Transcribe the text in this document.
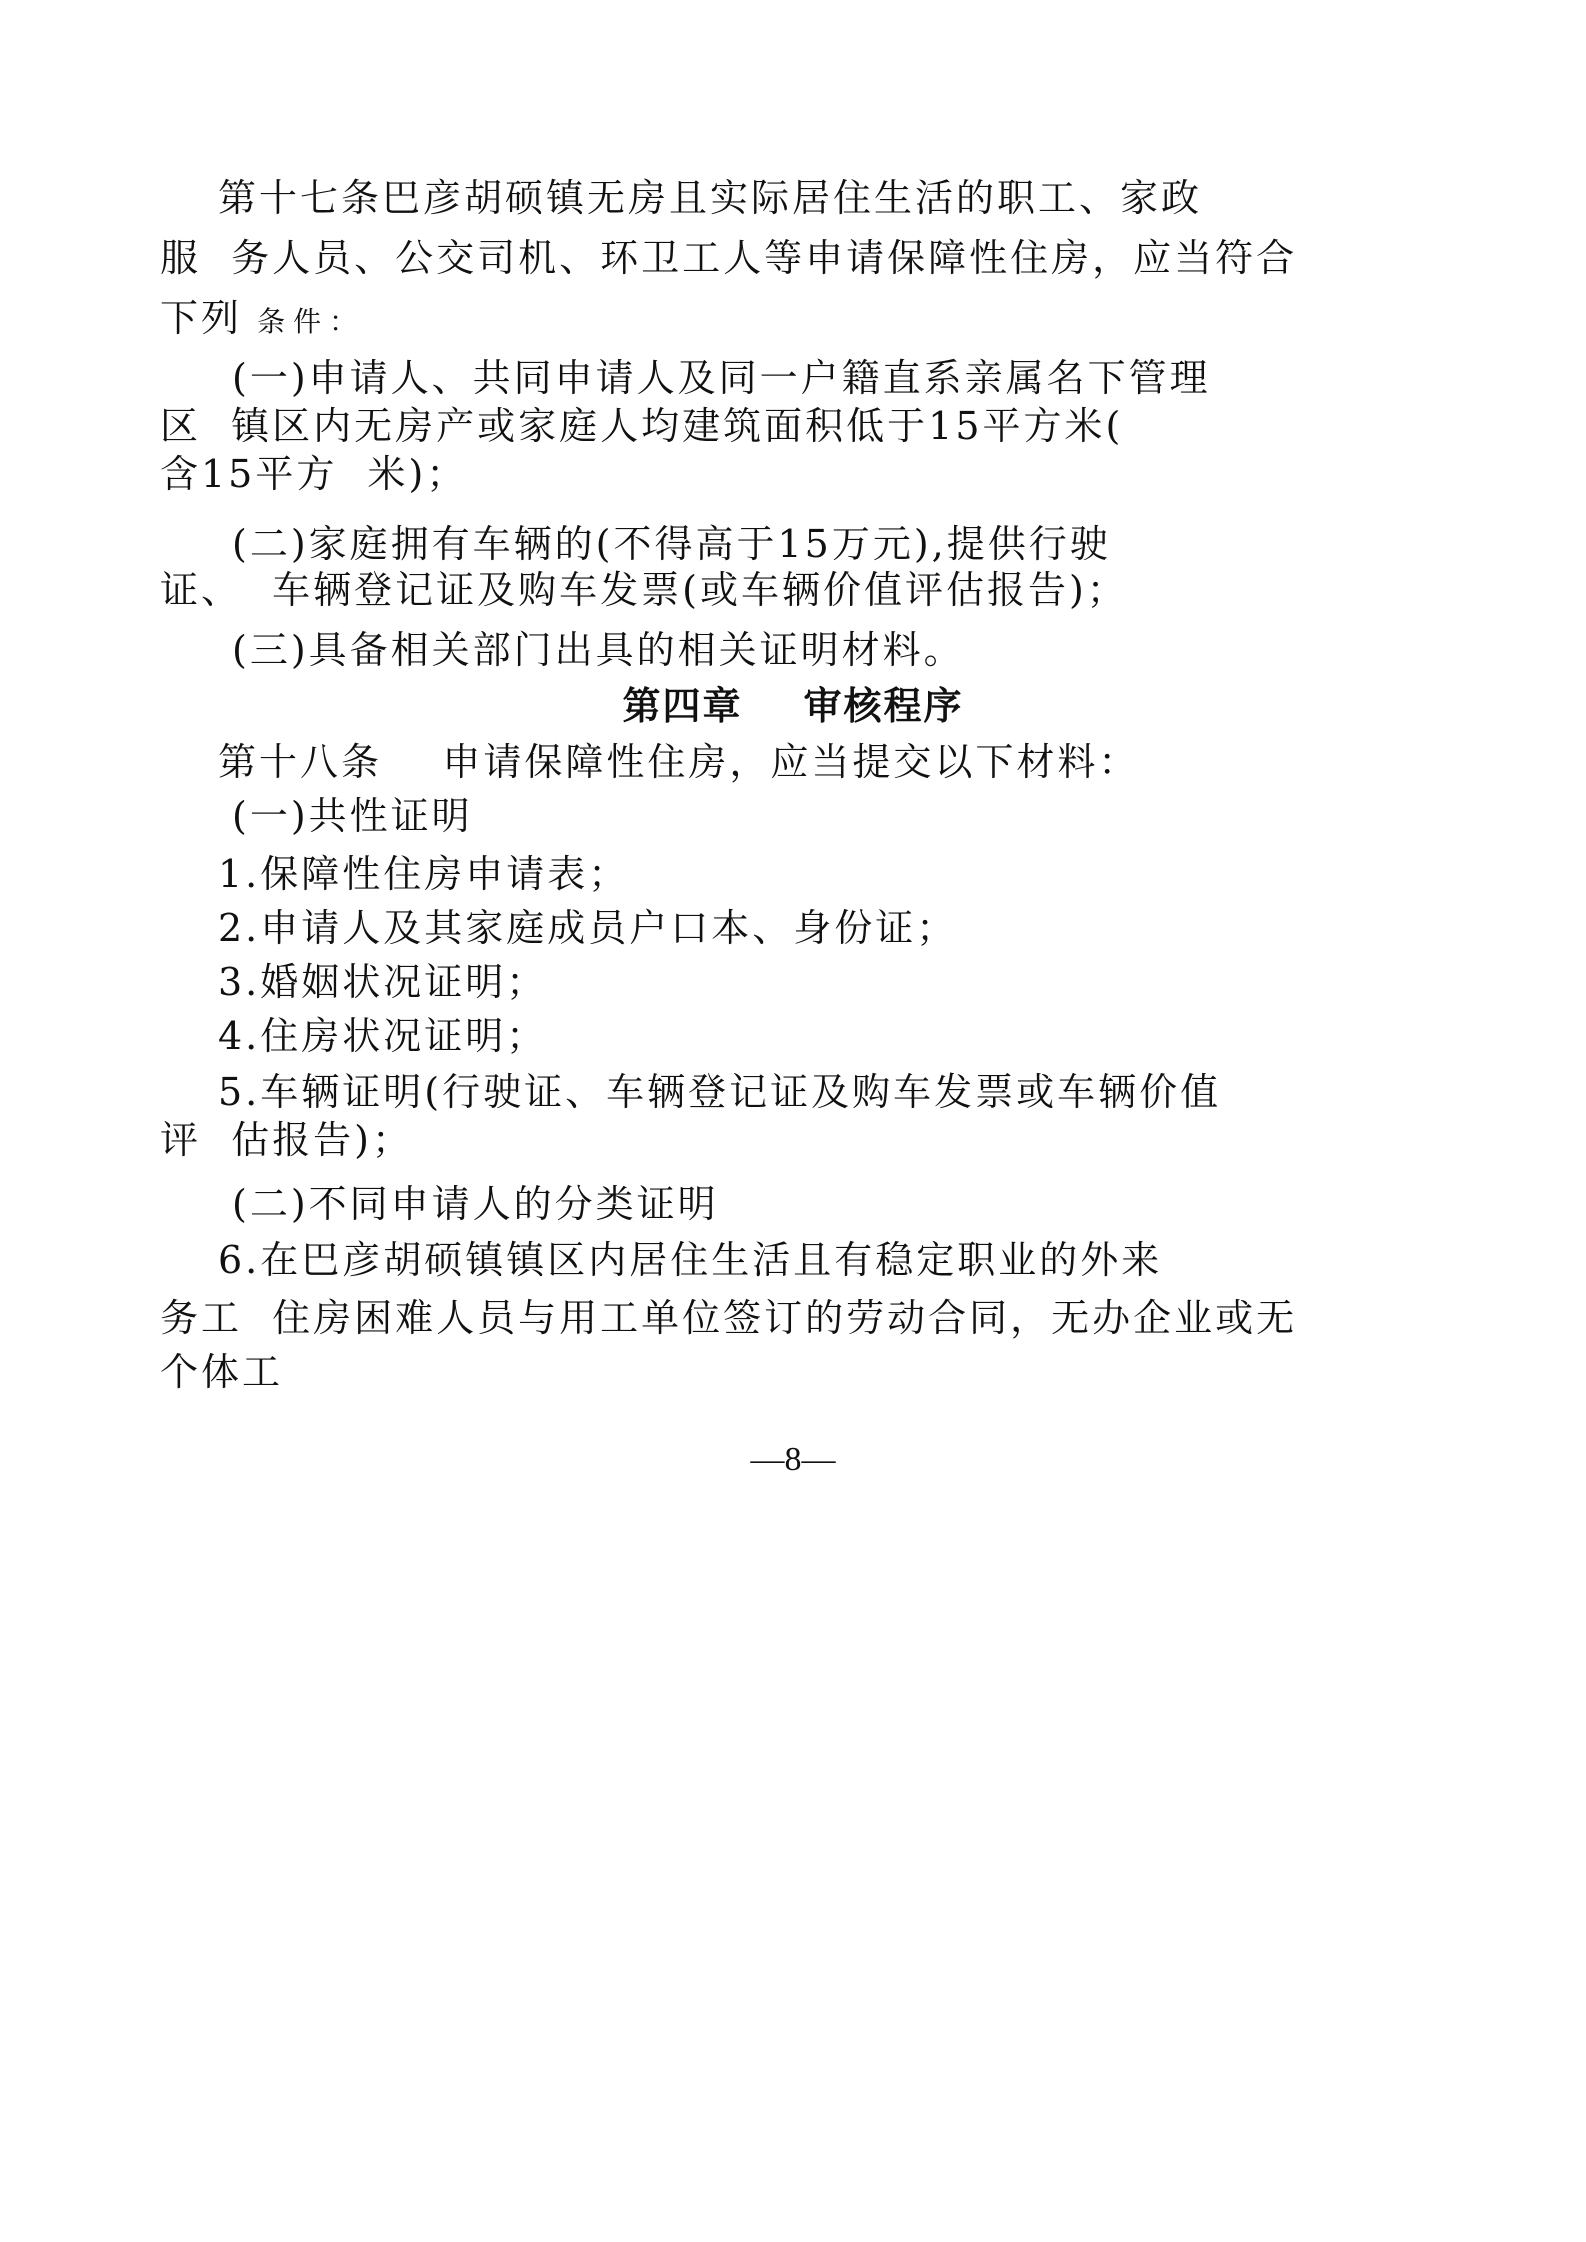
第十七条巴彦胡硕镇无房且实际居住生活的职工、家政
服  务人员、公交司机、环卫工人等申请保障性住房，应当符合
下列 条件：
(一)申请人、共同申请人及同一户籍直系亲属名下管理
区  镇区内无房产或家庭人均建筑面积低于15平方米(
含15平方  米)；
(二)家庭拥有车辆的(不得高于15万元),提供行驶
证、  车辆登记证及购车发票(或车辆价值评估报告)；
(三)具备相关部门出具的相关证明材料。
第四章    审核程序
第十八条    申请保障性住房，应当提交以下材料：
(一)共性证明
1.保障性住房申请表；
2.申请人及其家庭成员户口本、身份证；
3.婚姻状况证明；
4.住房状况证明；
5.车辆证明(行驶证、车辆登记证及购车发票或车辆价值
评  估报告)；
(二)不同申请人的分类证明
6.在巴彦胡硕镇镇区内居住生活且有稳定职业的外来
务工  住房困难人员与用工单位签订的劳动合同，无办企业或无
个体工
—8—
